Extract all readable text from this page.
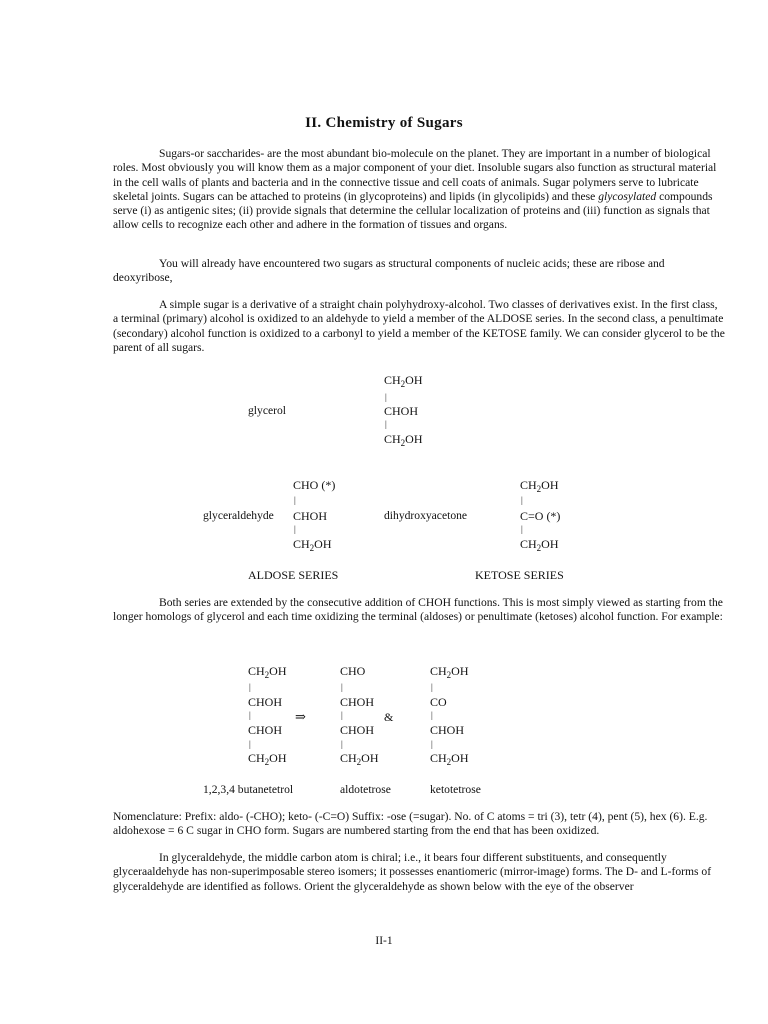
II. Chemistry of Sugars

Sugars-or saccharides- are the most abundant bio-molecule on the planet. They are important in a number of biological roles. Most obviously you will know them as a major component of your diet. Insoluble sugars also function as structural material in the cell walls of plants and bacteria and in the connective tissue and cell coats of animals. Sugar polymers serve to lubricate skeletal joints. Sugars can be attached to proteins (in glycoproteins) and lipids (in glycolipids) and these glycosylated compounds serve (i) as antigenic sites; (ii) provide signals that determine the cellular localization of proteins and (iii) function as signals that allow cells to recognize each other and adhere in the formation of tissues and organs.

You will already have encountered two sugars as structural components of nucleic acids; these are ribose and deoxyribose,

A simple sugar is a derivative of a straight chain polyhydroxy-alcohol. Two classes of derivatives exist. In the first class, a terminal (primary) alcohol is oxidized to an aldehyde to yield a member of the ALDOSE series. In the second class, a penultimate (secondary) alcohol function is oxidized to a carbonyl to yield a member of the KETOSE family. We can consider glycerol to be the parent of all sugars.

glycerol
$CH_2OH$
|
CHOH
|
$CH_2OH$
glyceraldehyde
CHO (*)
|
CHOH
|
$CH_2OH$
dihydroxyacetone
$CH_2OH$
|
C=O (*)
|
$CH_2OH$
ALDOSE SERIES	KETOSE SERIES

Both series are extended by the consecutive addition of CHOH functions. This is most simply viewed as starting from the longer homologs of glycerol and each time oxidizing the terminal (aldoses) or penultimate (ketoses) alcohol function. For example:

$CH_2OH$
|
CHOH
|
CHOH
|
$CH_2OH$
⇒
CHO
|
CHOH
|
CHOH
|
$CH_2OH$
&
$CH_2OH$
|
CO
|
CHOH
|
$CH_2OH$
1,2,3,4 butanetetrol	aldotetrose	ketotetrose

Nomenclature: Prefix: aldo- (-CHO); keto- (-C=O) Suffix: -ose (=sugar). No. of C atoms = tri (3), tetr (4), pent (5), hex (6). E.g. aldohexose = 6 C sugar in CHO form. Sugars are numbered starting from the end that has been oxidized.

In glyceraldehyde, the middle carbon atom is chiral; i.e., it bears four different substituents, and consequently glyceraaldehyde has non-superimposable stereo isomers; it possesses enantiomeric (mirror-image) forms. The D- and L-forms of glyceraldehyde are identified as follows. Orient the glyceraldehyde as shown below with the eye of the observer

II-1
